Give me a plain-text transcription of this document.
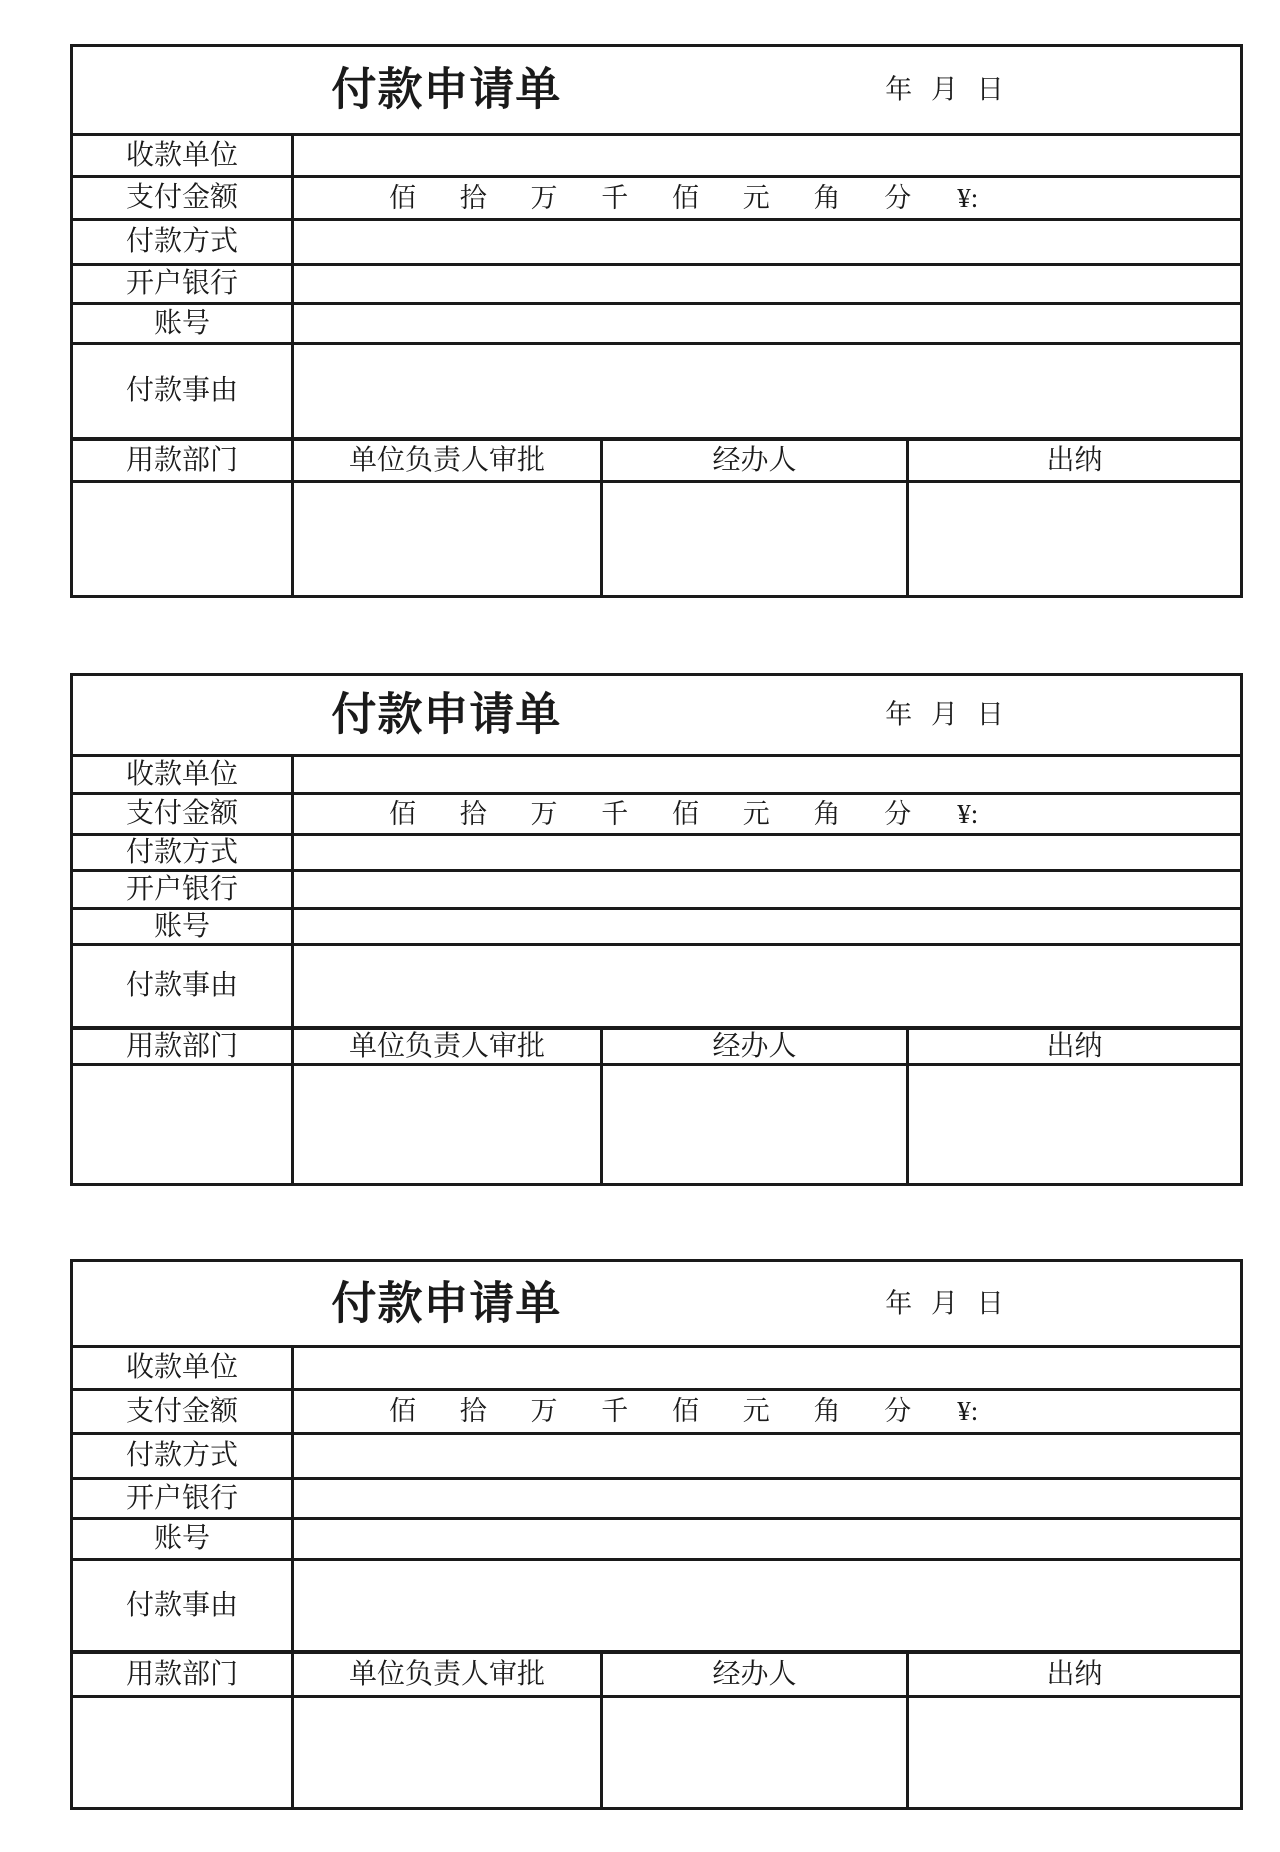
付款申请单	年 月 日
收款单位
支付金额	佰 拾 万 千 佰 元 角 分 ¥:
付款方式
开户银行
账号
付款事由
用款部门	单位负责人审批	经办人	出纳
付款申请单	年 月 日
收款单位
支付金额	佰 拾 万 千 佰 元 角 分 ¥:
付款方式
开户银行
账号
付款事由
用款部门	单位负责人审批	经办人	出纳
付款申请单	年 月 日
收款单位
支付金额	佰 拾 万 千 佰 元 角 分 ¥:
付款方式
开户银行
账号
付款事由
用款部门	单位负责人审批	经办人	出纳
